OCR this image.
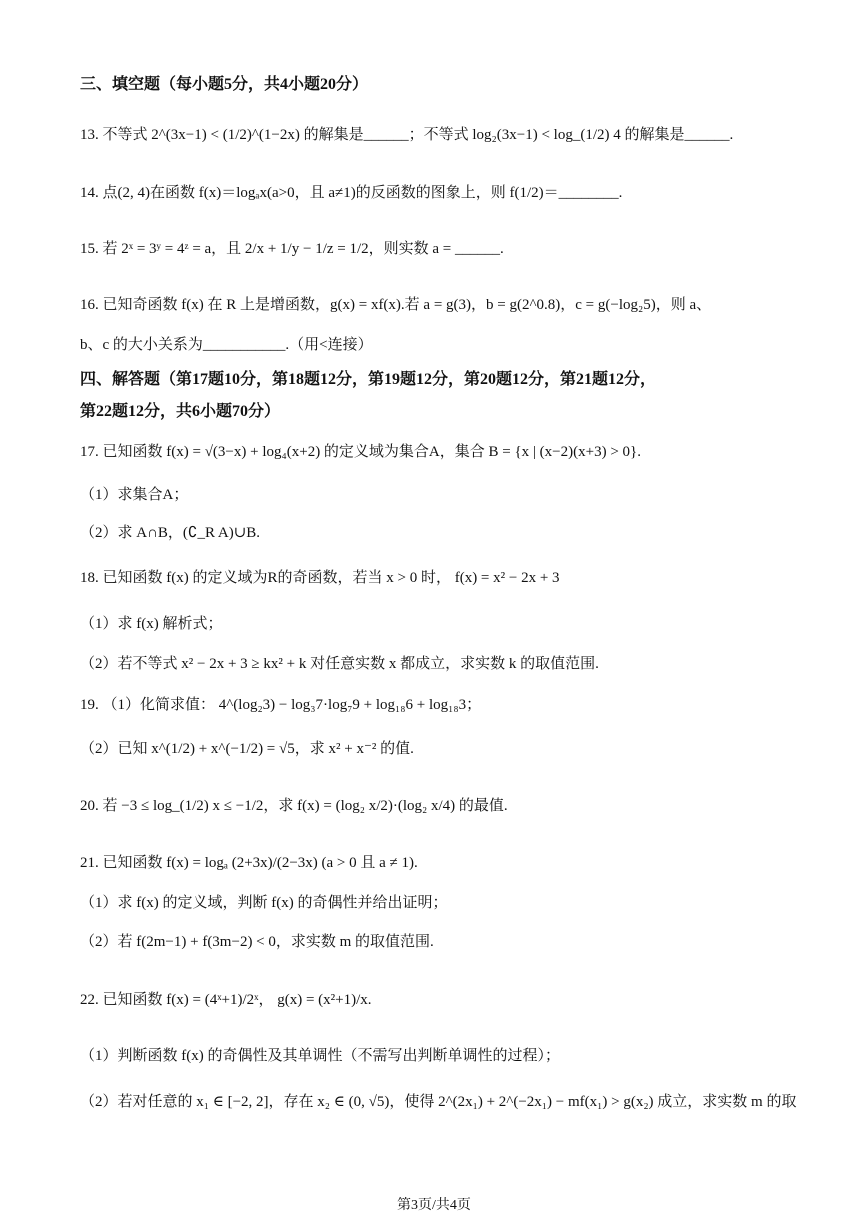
三、填空题（每小题5分，共4小题20分）
13. 不等式 2^(3x−1) < (1/2)^(1−2x) 的解集是______；不等式 log₂(3x−1) < log_(1/2) 4 的解集是______.
14. 点(2, 4)在函数 f(x)＝logₐx(a>0，且 a≠1)的反函数的图象上，则 f(1/2)＝________.
15. 若 2ˣ = 3ʸ = 4ᶻ = a，且 2/x + 1/y − 1/z = 1/2，则实数 a = ______.
16. 已知奇函数 f(x) 在 R 上是增函数，g(x) = xf(x).若 a = g(3)，b = g(2^0.8)，c = g(−log₂5)，则 a、
b、c 的大小关系为___________.（用<连接）
四、解答题（第17题10分，第18题12分，第19题12分，第20题12分，第21题12分，
第22题12分，共6小题70分）
17. 已知函数 f(x) = √(3−x) + log₄(x+2) 的定义域为集合A，集合 B = {x | (x−2)(x+3) > 0}.
（1）求集合A；
（2）求 A∩B，(∁_R A)∪B.
18. 已知函数 f(x) 的定义域为R的奇函数，若当 x > 0 时， f(x) = x² − 2x + 3
（1）求 f(x) 解析式；
（2）若不等式 x² − 2x + 3 ≥ kx² + k 对任意实数 x 都成立，求实数 k 的取值范围.
19. （1）化简求值： 4^(log₂3) − log₃7·log₇9 + log₁₈6 + log₁₈3；
（2）已知 x^(1/2) + x^(−1/2) = √5，求 x² + x⁻² 的值.
20. 若 −3 ≤ log_(1/2) x ≤ −1/2，求 f(x) = (log₂ x/2)·(log₂ x/4) 的最值.
21. 已知函数 f(x) = logₐ (2+3x)/(2−3x) (a > 0 且 a ≠ 1).
（1）求 f(x) 的定义域，判断 f(x) 的奇偶性并给出证明；
（2）若 f(2m−1) + f(3m−2) < 0，求实数 m 的取值范围.
22. 已知函数 f(x) = (4ˣ+1)/2ˣ， g(x) = (x²+1)/x.
（1）判断函数 f(x) 的奇偶性及其单调性（不需写出判断单调性的过程）；
（2）若对任意的 x₁ ∈ [−2, 2]，存在 x₂ ∈ (0, √5)，使得 2^(2x₁) + 2^(−2x₁) − mf(x₁) > g(x₂) 成立，求实数 m 的取
第3页/共4页
